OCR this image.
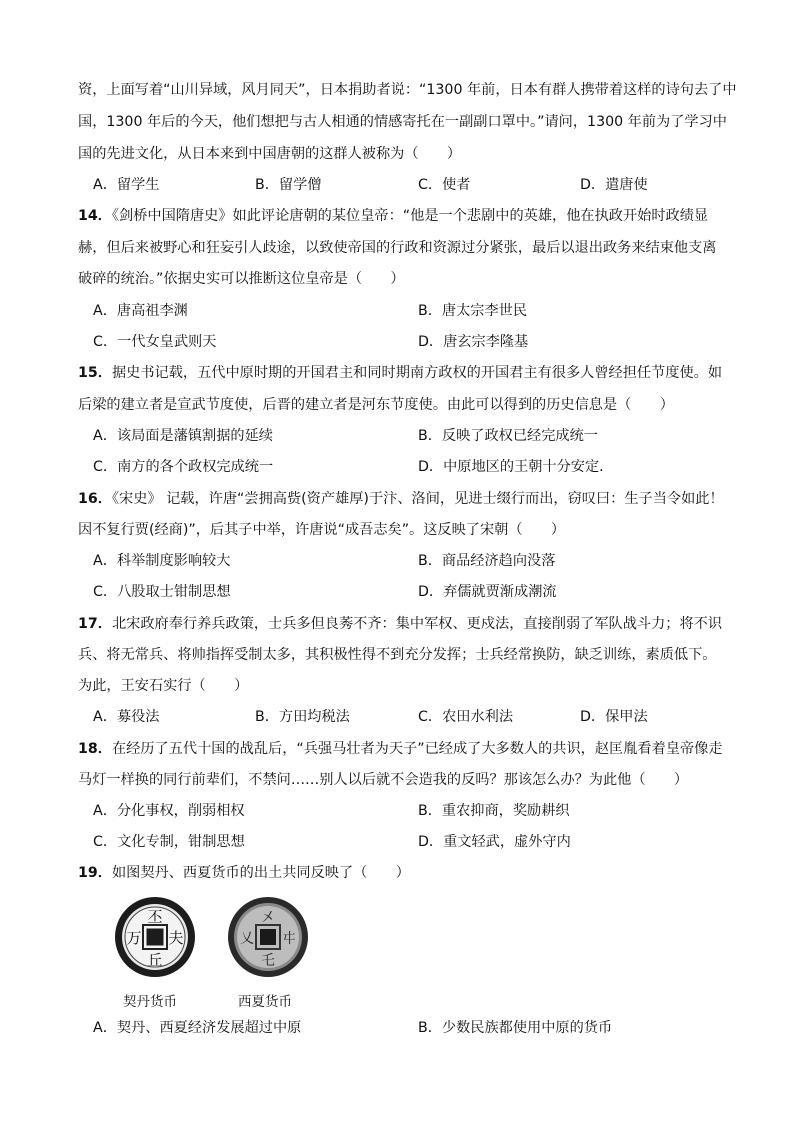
资，上面写着“山川异域，风月同天”，日本捐助者说：“1300 年前，日本有群人携带着这样的诗句去了中
国，1300 年后的今天，他们想把与古人相通的情感寄托在一副副口罩中。”请问，1300 年前为了学习中
国的先进文化，从日本来到中国唐朝的这群人被称为（　　）
A．留学生	B．留学僧	C．使者	D．遣唐使
14．《剑桥中国隋唐史》如此评论唐朝的某位皇帝：“他是一个悲剧中的英雄，他在执政开始时政绩显
赫，但后来被野心和狂妄引人歧途，以致使帝国的行政和资源过分紧张，最后以退出政务来结束他支离
破碎的统治。”依据史实可以推断这位皇帝是（　　）
A．唐高祖李渊	B．唐太宗李世民
C．一代女皇武则天	D．唐玄宗李隆基
15．据史书记载，五代中原时期的开国君主和同时期南方政权的开国君主有很多人曾经担任节度使。如
后梁的建立者是宣武节度使，后晋的建立者是河东节度使。由此可以得到的历史信息是（　　）
A．该局面是藩镇割据的延续	B．反映了政权已经完成统一
C．南方的各个政权完成统一	D．中原地区的王朝十分安定．
16．《宋史》 记载，许唐“尝拥高赀(资产雄厚)于汴、洛间，见进士缀行而出，窃叹曰：生子当令如此！
因不复行贾(经商)”，后其子中举，许唐说“成吾志矣”。这反映了宋朝（　　）
A．科举制度影响较大	B．商品经济趋向没落
C．八股取士钳制思想	D．弃儒就贾渐成潮流
17．北宋政府奉行养兵政策，士兵多但良莠不齐：集中军权、更戍法，直接削弱了军队战斗力；将不识
兵、将无常兵、将帅指挥受制太多，其积极性得不到充分发挥；士兵经常换防，缺乏训练，素质低下。
为此，王安石实行（　　）
A．募役法	B．方田均税法	C．农田水利法	D．保甲法
18．在经历了五代十国的战乱后，“兵强马壮者为天子”已经成了大多数人的共识，赵匡胤看着皇帝像走
马灯一样换的同行前辈们，不禁问……别人以后就不会造我的反吗？那该怎么办？为此他（　　）
A．分化事权，削弱相权	B．重农抑商，奖励耕织
C．文化专制，钳制思想	D．重文轻武，虚外守内
19．如图契丹、西夏货币的出土共同反映了（　　）
丕
夫
万
丘
㐅
㐄
乂
乇
契丹货币	西夏货币
A．契丹、西夏经济发展超过中原	B．少数民族都使用中原的货币
